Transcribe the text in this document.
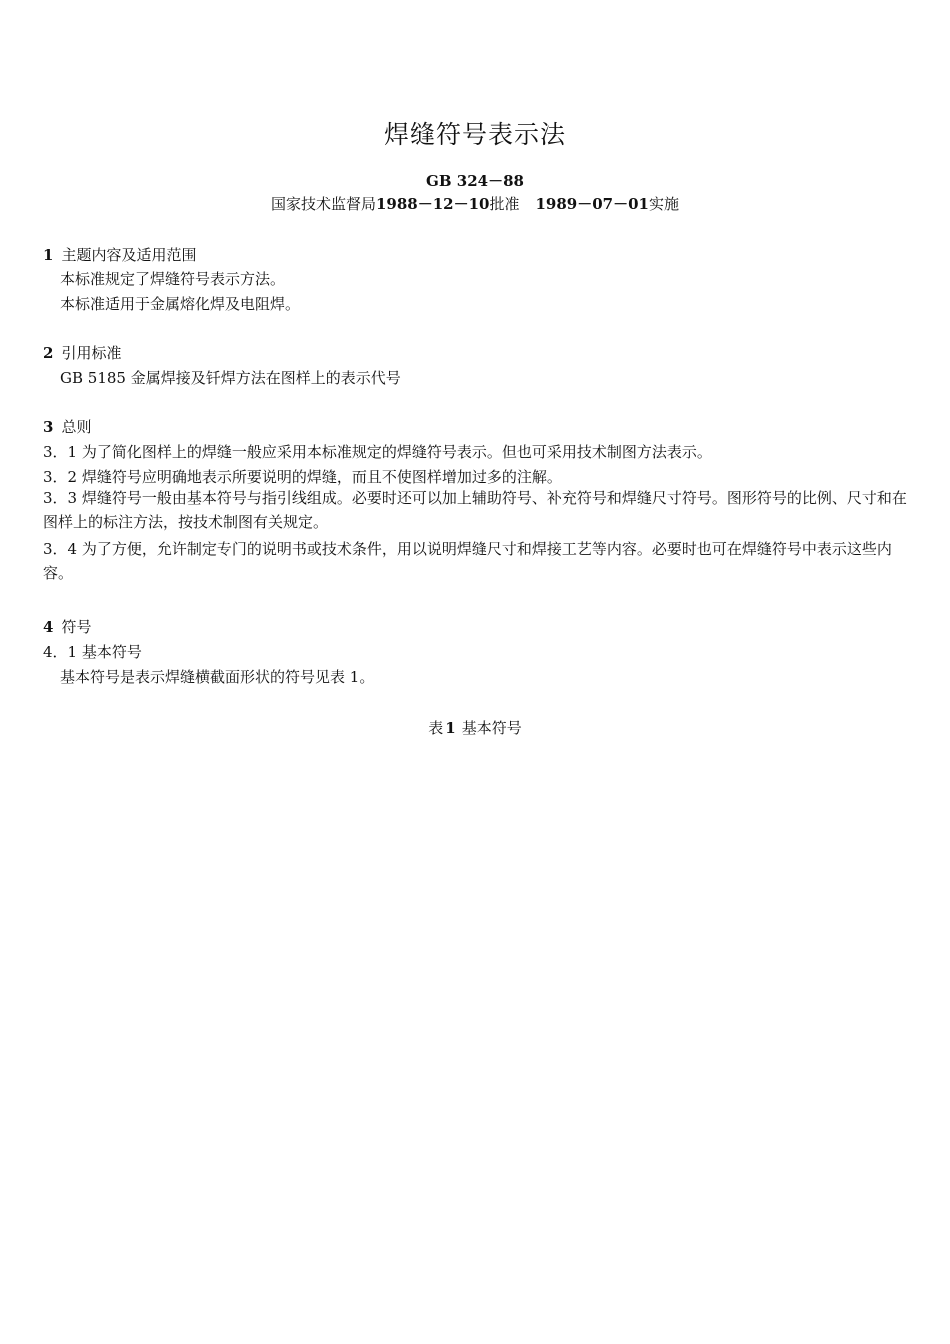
焊缝符号表示法
GB 324－88
国家技术监督局1988－12－10批准 1989－07－01实施
1 主题内容及适用范围
本标准规定了焊缝符号表示方法。
本标准适用于金属熔化焊及电阻焊。
2 引用标准
GB 5185 金属焊接及钎焊方法在图样上的表示代号
3 总则
3．1 为了简化图样上的焊缝一般应采用本标准规定的焊缝符号表示。但也可采用技术制图方法表示。
3．2 焊缝符号应明确地表示所要说明的焊缝，而且不使图样增加过多的注解。
3．3 焊缝符号一般由基本符号与指引线组成。必要时还可以加上辅助符号、补充符号和焊缝尺寸符号。图形符号的比例、尺寸和在图样上的标注方法，按技术制图有关规定。
3．4 为了方便，允许制定专门的说明书或技术条件，用以说明焊缝尺寸和焊接工艺等内容。必要时也可在焊缝符号中表示这些内容。
4 符号
4．1 基本符号
基本符号是表示焊缝横截面形状的符号见表 1。
表 1 基本符号
